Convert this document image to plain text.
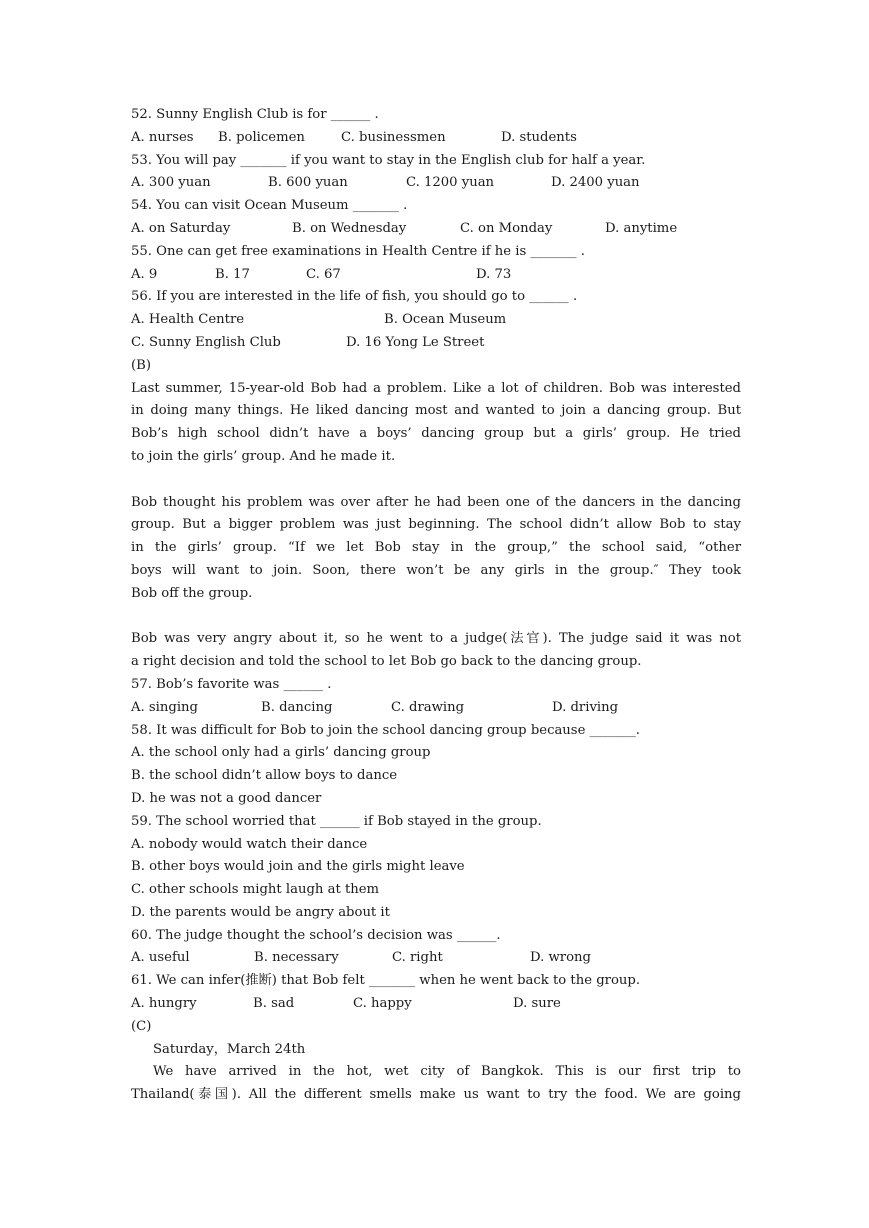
52. Sunny English Club is for ______ .
A. nurses	B. policemen	C. businessmen	D. students
53. You will pay _______ if you want to stay in the English club for half a year.
A. 300 yuan	B. 600 yuan	C. 1200 yuan	D. 2400 yuan
54. You can visit Ocean Museum _______ .
A. on Saturday	B. on Wednesday	C. on Monday	D. anytime
55. One can get free examinations in Health Centre if he is _______ .
A. 9	B. 17	C. 67	D. 73
56. If you are interested in the life of fish, you should go to ______ .
A. Health Centre	B. Ocean Museum
C. Sunny English Club	D. 16 Yong Le Street
(B)
Last summer, 15-year-old Bob had a problem. Like a lot of children. Bob was interested
in doing many things. He liked dancing most and wanted to join a dancing group. But
Bob’s high school didn’t have a boys’ dancing group but a girls’ group. He tried
to join the girls’ group. And he made it.
Bob thought his problem was over after he had been one of the dancers in the dancing
group. But a bigger problem was just beginning. The school didn’t allow Bob to stay
in the girls’ group. “If we let Bob stay in the group,” the school said, “other
boys will want to join. Soon, there won’t be any girls in the group.″ They took
Bob off the group.
Bob was very angry about it, so he went to a judge(法官). The judge said it was not
a right decision and told the school to let Bob go back to the dancing group.
57. Bob’s favorite was ______ .
A. singing	B. dancing	C. drawing	D. driving
58. It was difficult for Bob to join the school dancing group because _______.
A. the school only had a girls’ dancing group
B. the school didn’t allow boys to dance
D. he was not a good dancer
59. The school worried that ______ if Bob stayed in the group.
A. nobody would watch their dance
B. other boys would join and the girls might leave
C. other schools might laugh at them
D. the parents would be angry about it
60. The judge thought the school’s decision was ______.
A. useful	B. necessary	C. right	D. wrong
61. We can infer(推断) that Bob felt _______ when he went back to the group.
A. hungry	B. sad	C. happy	D. sure
(C)
Saturday，March 24th
We have arrived in the hot, wet city of Bangkok. This is our first trip to
Thailand(泰国). All the different smells make us want to try the food. We are going
